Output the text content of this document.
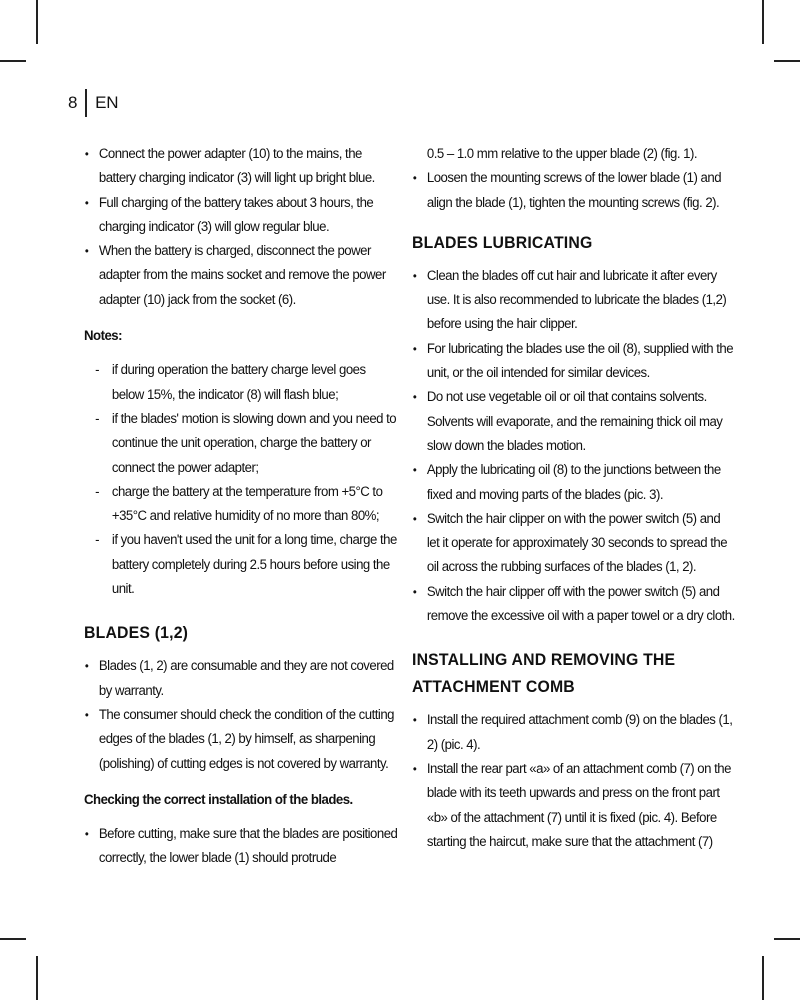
8 EN
• Connect the power adapter (10) to the mains, the battery charging indicator (3) will light up bright blue.
• Full charging of the battery takes about 3 hours, the charging indicator (3) will glow regular blue.
• When the battery is charged, disconnect the power adapter from the mains socket and remove the power adapter (10) jack from the socket (6).
Notes:
- if during operation the battery charge level goes below 15%, the indicator (8) will flash blue;
- if the blades' motion is slowing down and you need to continue the unit operation, charge the battery or connect the power adapter;
- charge the battery at the temperature from +5°C to +35°C and relative humidity of no more than 80%;
- if you haven't used the unit for a long time, charge the battery completely during 2.5 hours before using the unit.
BLADES (1,2)
• Blades (1, 2) are consumable and they are not covered by warranty.
• The consumer should check the condition of the cutting edges of the blades (1, 2) by himself, as sharpening (polishing) of cutting edges is not covered by warranty.
Checking the correct installation of the blades.
• Before cutting, make sure that the blades are positioned correctly, the lower blade (1) should protrude
0.5 – 1.0 mm relative to the upper blade (2) (fig. 1).
• Loosen the mounting screws of the lower blade (1) and align the blade (1), tighten the mounting screws (fig. 2).
BLADES LUBRICATING
• Clean the blades off cut hair and lubricate it after every use. It is also recommended to lubricate the blades (1,2) before using the hair clipper.
• For lubricating the blades use the oil (8), supplied with the unit, or the oil intended for similar devices.
• Do not use vegetable oil or oil that contains solvents. Solvents will evaporate, and the remaining thick oil may slow down the blades motion.
• Apply the lubricating oil (8) to the junctions between the fixed and moving parts of the blades (pic. 3).
• Switch the hair clipper on with the power switch (5) and let it operate for approximately 30 seconds to spread the oil across the rubbing surfaces of the blades (1, 2).
• Switch the hair clipper off with the power switch (5) and remove the excessive oil with a paper towel or a dry cloth.
INSTALLING AND REMOVING THE ATTACHMENT COMB
• Install the required attachment comb (9) on the blades (1, 2) (pic. 4).
• Install the rear part «a» of an attachment comb (7) on the blade with its teeth upwards and press on the front part «b» of the attachment (7) until it is fixed (pic. 4). Before starting the haircut, make sure that the attachment (7)
